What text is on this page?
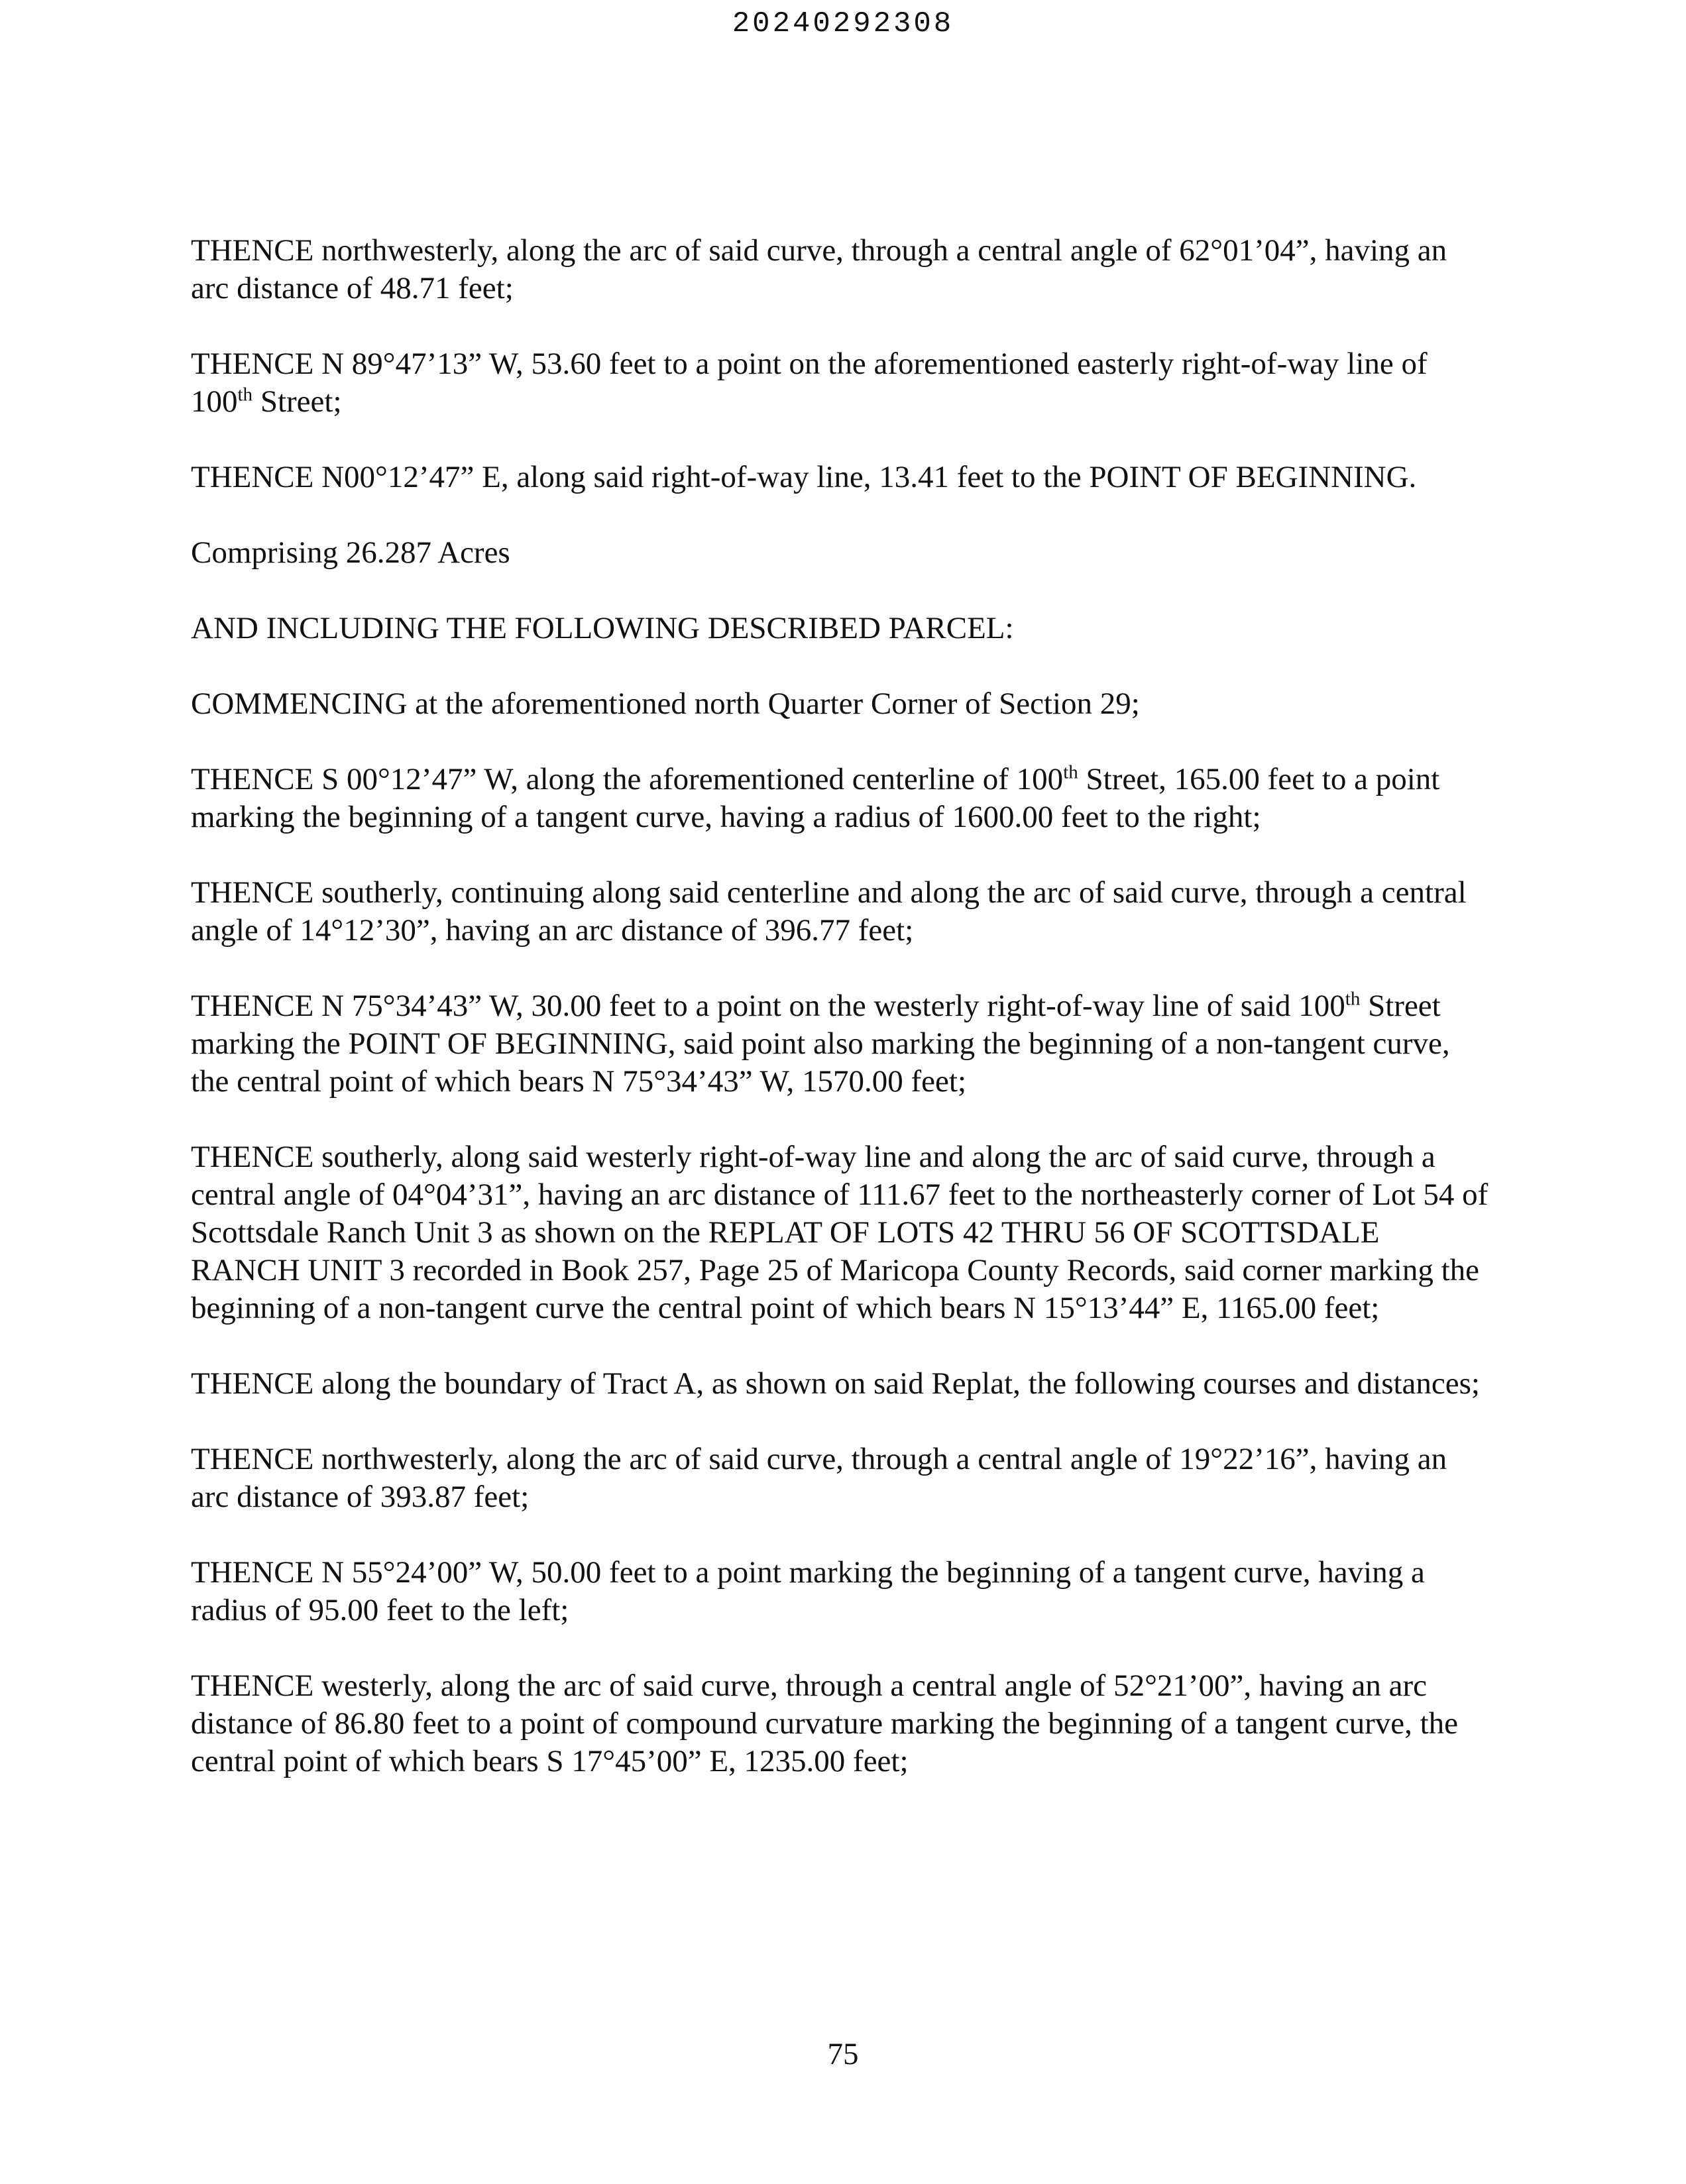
20240292308

THENCE northwesterly, along the arc of said curve, through a central angle of 62°01’04”, having an arc distance of 48.71 feet;

THENCE N 89°47’13” W, 53.60 feet to a point on the aforementioned easterly right-of-way line of 100th Street;

THENCE N00°12’47” E, along said right-of-way line, 13.41 feet to the POINT OF BEGINNING.

Comprising 26.287 Acres

AND INCLUDING THE FOLLOWING DESCRIBED PARCEL:

COMMENCING at the aforementioned north Quarter Corner of Section 29;

THENCE S 00°12’47” W, along the aforementioned centerline of 100th Street, 165.00 feet to a point marking the beginning of a tangent curve, having a radius of 1600.00 feet to the right;

THENCE southerly, continuing along said centerline and along the arc of said curve, through a central angle of 14°12’30”, having an arc distance of 396.77 feet;

THENCE N 75°34’43” W, 30.00 feet to a point on the westerly right-of-way line of said 100th Street marking the POINT OF BEGINNING, said point also marking the beginning of a non-tangent curve, the central point of which bears N 75°34’43” W, 1570.00 feet;

THENCE southerly, along said westerly right-of-way line and along the arc of said curve, through a central angle of 04°04’31”, having an arc distance of 111.67 feet to the northeasterly corner of Lot 54 of Scottsdale Ranch Unit 3 as shown on the REPLAT OF LOTS 42 THRU 56 OF SCOTTSDALE RANCH UNIT 3 recorded in Book 257, Page 25 of Maricopa County Records, said corner marking the beginning of a non-tangent curve the central point of which bears N 15°13’44” E, 1165.00 feet;

THENCE along the boundary of Tract A, as shown on said Replat, the following courses and distances;

THENCE northwesterly, along the arc of said curve, through a central angle of 19°22’16”, having an arc distance of 393.87 feet;

THENCE N 55°24’00” W, 50.00 feet to a point marking the beginning of a tangent curve, having a radius of 95.00 feet to the left;

THENCE westerly, along the arc of said curve, through a central angle of 52°21’00”, having an arc distance of 86.80 feet to a point of compound curvature marking the beginning of a tangent curve, the central point of which bears S 17°45’00” E, 1235.00 feet;

75
